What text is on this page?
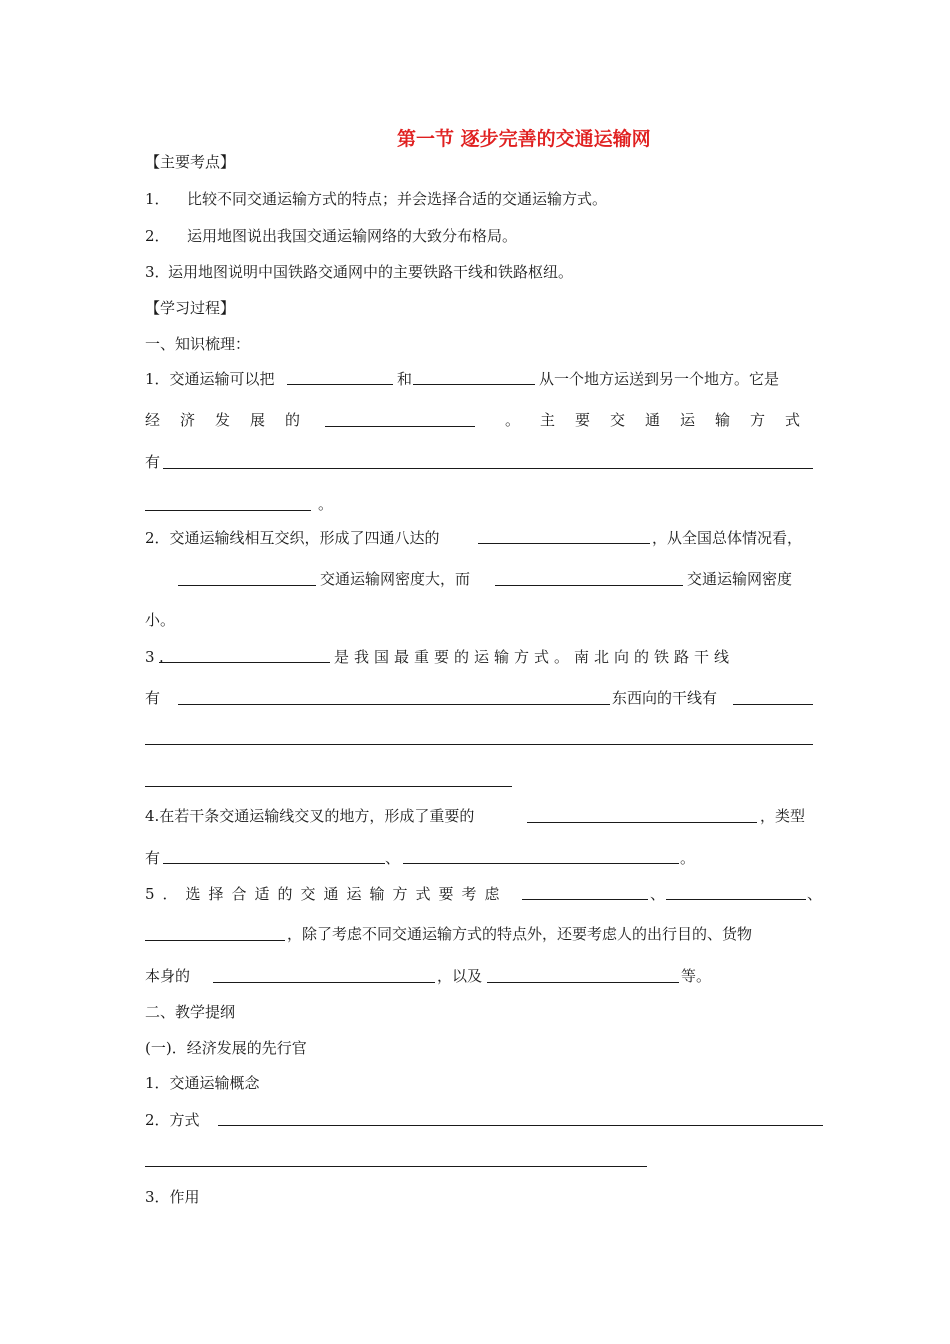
第一节 逐步完善的交通运输网
【主要考点】
1． 比较不同交通运输方式的特点；并会选择合适的交通运输方式。
2． 运用地图说出我国交通运输网络的大致分布格局。
3．
运用地图说明中国铁路交通网中的主要铁路干线和铁路枢纽。
【学习过程】
一、知识梳理：
1．交通运输可以把	和	从一个地方运送到另一个地方。它是
经济发展的	。主要交通运输方式
有
。
2．交通运输线相互交织，形成了四通八达的	，从全国总体情况看，
交通运输网密度大，而	交通运输网密度
小。
3 .	是我国最重要的运输方式。南北向的铁路干线
有	东西向的干线有
4.在若干条交通运输线交叉的地方，形成了重要的	，类型
有	、	。
5．选择合适的交通运输方式要考虑	、	、
，除了考虑不同交通运输方式的特点外，还要考虑人的出行目的、货物
本身的	，以及	等。
二、教学提纲
(一)．经济发展的先行官
1．交通运输概念
2．方式
3．作用
